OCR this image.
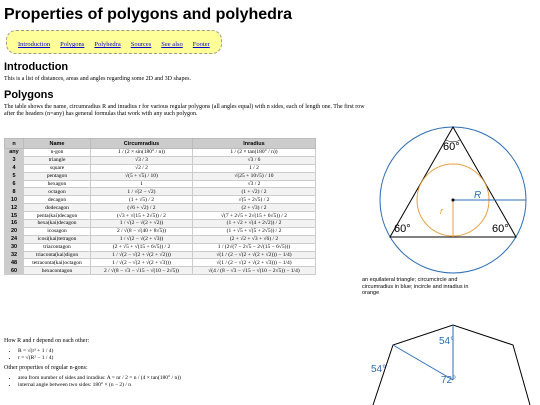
Properties of polygons and polyhedra
Introduction Polygons Polyhedra Sources See also Footer
Introduction

This is a list of distances, areas and angles regarding some 2D and 3D shapes.

Polygons

The table shows the name, circumradius R and inradius r for various regular polygons (all angles equal) with n sides, each of length one. The first row after the headers (n=any) has general formulas that work with any such polygon.

n	Name	Circumradius	Inradius
any	n-gon	1 / (2 × sin(180° / n))	1 / (2 × tan(180° / n))
3	triangle	√3 / 3	√3 / 6
4	square	√2 / 2	1 / 2
5	pentagon	√(5 + √5) / 10)	√(25 + 10√5) / 10
6	hexagon	1	√3 / 2
8	octagon	1 / √(2 − √2)	(1 + √2) / 2
10	decagon	(1 + √5) / 2	√(5 + 2√5) / 2
12	dodecagon	(√6 + √2) / 2	(2 + √3) / 2
15	penta(kai)decagon	(√3 + √(15 + 2√5)) / 2	√(7 + 2√5 + 2√(15 + 6√5)) / 2
16	hexa(kai)decagon	1 / √(2 − √(2 + √2))	(1 + √2 + √(4 + 2√2)) / 2
20	icosagon	2 / √(8 − √(40 + 8√5))	(1 + √5 + √(5 + 2√5)) / 2
24	icosi(kai)tetragon	1 / √(2 − √(2 + √3))	(2 + √2 + √3 + √6) / 2
30	triacontagon	(2 + √5 + √(15 + 6√5)) / 2	1 / (2√(7 − 2√5 − 2√(15 − 6√5)))
32	triaconta(kai)digon	1 / √(2 − √(2 + √(2 + √2)))	√(1 / (2 − √(2 + √(2 + √2))) − 1/4)
48	tetraconta(kai)octagon	1 / √(2 − √(2 + √(2 + √3)))	√(1 / (2 − √(2 + √(2 + √3))) − 1/4)
60	hexacontagon	2 / √(8 − √3 − √15 − √(10 − 2√5))	√(4 / (8 − √3 − √15 − √(10 − 2√5)) − 1/4)

How R and r depend on each other:

• R = √(r² + 1 / 4)
• r = √(R² − 1 / 4)

Other properties of regular n-gons:

• area from number of sides and inradius: A = nr / 2 = n / (4 × tan(180° / n))
• internal angle between two sides: 180° × (n − 2) / n
60°
60°	60°
R
r
an equilateral triangle; circumcircle and circumradius in blue; incircle and inradius in orange
54°
54°
72°
